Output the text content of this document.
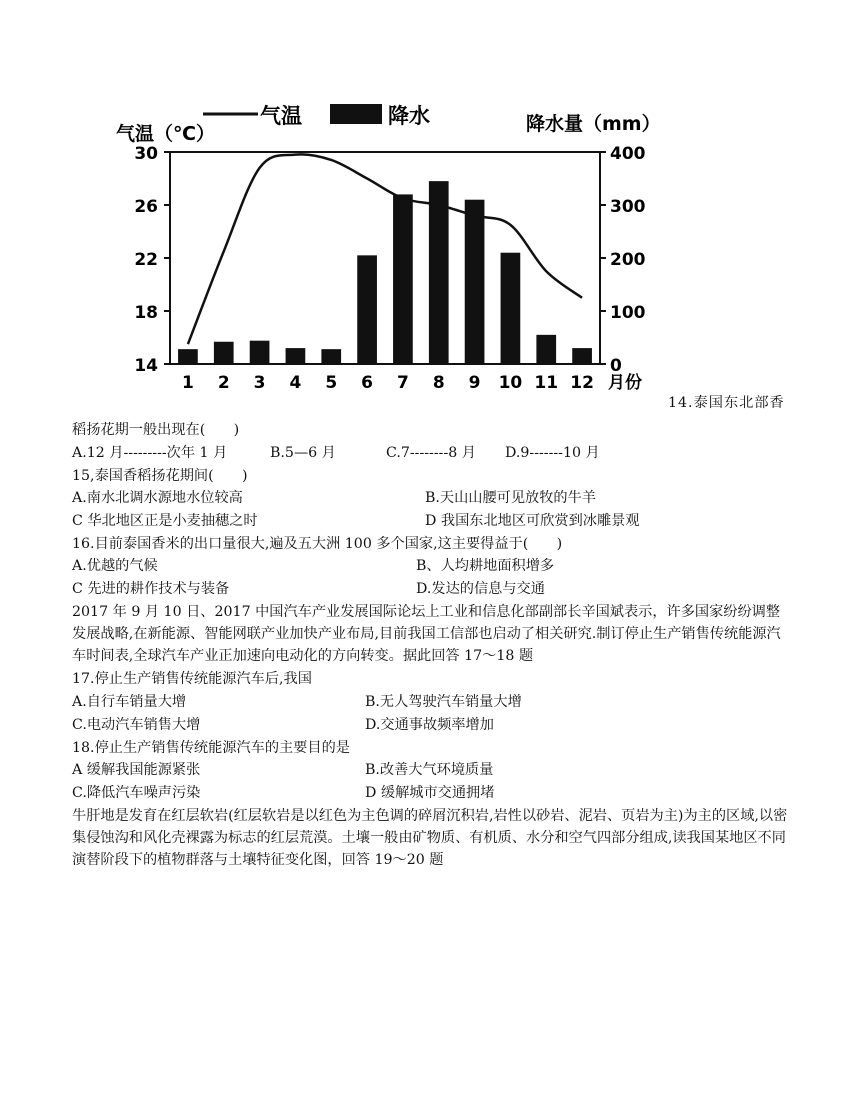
气温	降水
气温（℃）	降水量（mm）
30
26
22
18
14
400
300
200
100
0
1 2 3 4 5 6 7 8 9 10 11 12 月份
14.泰国东北部香
稻扬花期一般出现在(　　)
A.12 月---------次年 1 月	B.5—6 月	C.7--------8 月 D.9-------10 月
15,泰国香稻扬花期间(　　)
A.南水北调水源地水位较高	B.天山山腰可见放牧的牛羊
C 华北地区正是小麦抽穗之时	D 我国东北地区可欣赏到冰雕景观
16.目前泰国香米的出口量很大,遍及五大洲 100 多个国家,这主要得益于(　　)
A.优越的气候	B、人均耕地面积增多
C 先进的耕作技术与装备	D.发达的信息与交通
2017 年 9 月 10 日、2017 中国汽车产业发展国际论坛上工业和信息化部副部长辛国斌表示，许多国家纷纷调整发展战略,在新能源、智能网联产业加快产业布局,目前我国工信部也启动了相关研究.制订停止生产销售传统能源汽车时间表,全球汽车产业正加速向电动化的方向转变。据此回答 17～18 题
17.停止生产销售传统能源汽车后,我国
A.自行车销量大增	B.无人驾驶汽车销量大增
C.电动汽车销售大增	D.交通事故频率增加
18.停止生产销售传统能源汽车的主要目的是
A 缓解我国能源紧张	B.改善大气环境质量
C.降低汽车噪声污染	D 缓解城市交通拥堵
牛肝地是发育在红层软岩(红层软岩是以红色为主色调的碎屑沉积岩,岩性以砂岩、泥岩、页岩为主)为主的区域,以密集侵蚀沟和风化壳裸露为标志的红层荒漠。土壤一般由矿物质、有机质、水分和空气四部分组成,读我国某地区不同演替阶段下的植物群落与土壤特征变化图，回答 19～20 题
